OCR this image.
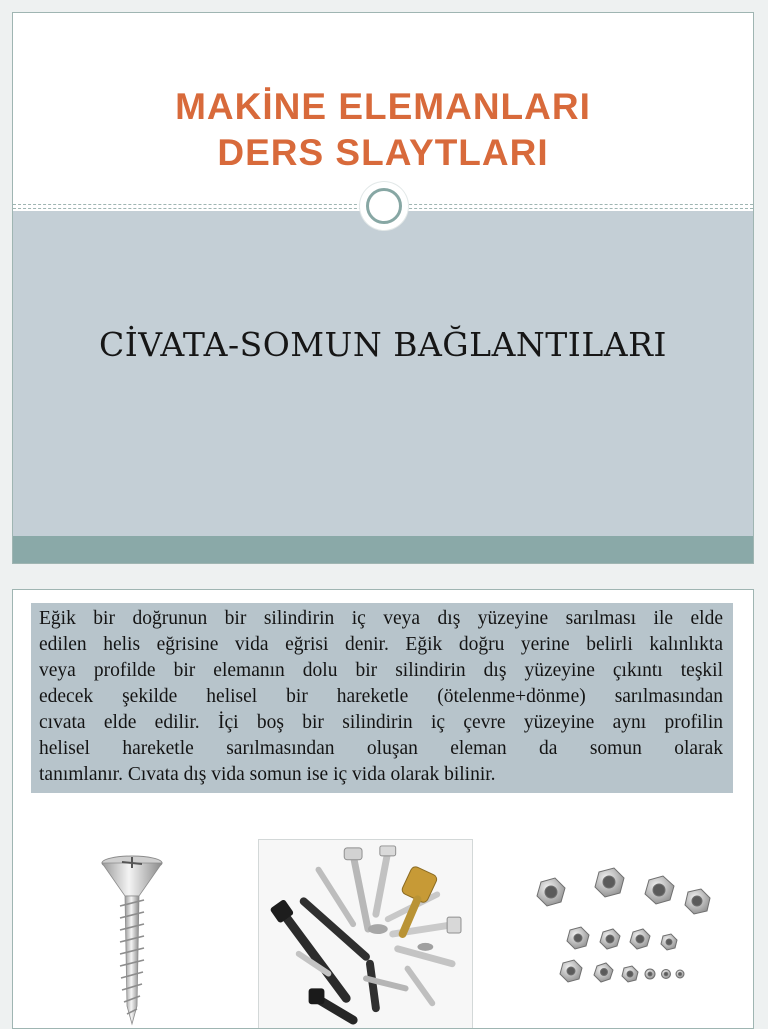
MAKİNE ELEMANLARI
DERS SLAYTLARI
CİVATA-SOMUN BAĞLANTILARI
Eğik bir doğrunun bir silindirin iç veya dış yüzeyine sarılması ile elde
edilen helis eğrisine vida eğrisi denir. Eğik doğru yerine belirli kalınlıkta
veya profilde bir elemanın dolu bir silindirin dış yüzeyine çıkıntı teşkil
edecek şekilde helisel bir hareketle (ötelenme+dönme) sarılmasından
cıvata elde edilir. İçi boş bir silindirin iç çevre yüzeyine aynı profilin
helisel hareketle sarılmasından oluşan eleman da somun olarak
tanımlanır. Cıvata dış vida somun ise iç vida olarak bilinir.
